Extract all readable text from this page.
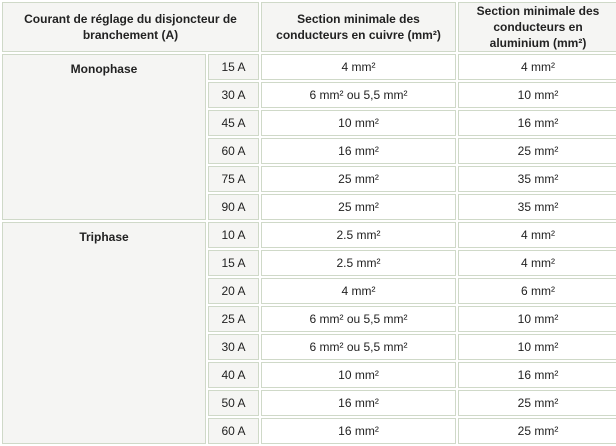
Courant de réglage du disjoncteur de branchement (A)		Section minimale des conducteurs en cuivre (mm²)	Section minimale des conducteurs en aluminium (mm²)
Monophase	15 A	4 mm²	4 mm²
	30 A	6 mm² ou 5,5 mm²	10 mm²
	45 A	10 mm²	16 mm²
	60 A	16 mm²	25 mm²
	75 A	25 mm²	35 mm²
	90 A	25 mm²	35 mm²
Triphase	10 A	2.5 mm²	4 mm²
	15 A	2.5 mm²	4 mm²
	20 A	4 mm²	6 mm²
	25 A	6 mm² ou 5,5 mm²	10 mm²
	30 A	6 mm² ou 5,5 mm²	10 mm²
	40 A	10 mm²	16 mm²
	50 A	16 mm²	25 mm²
	60 A	16 mm²	25 mm²
